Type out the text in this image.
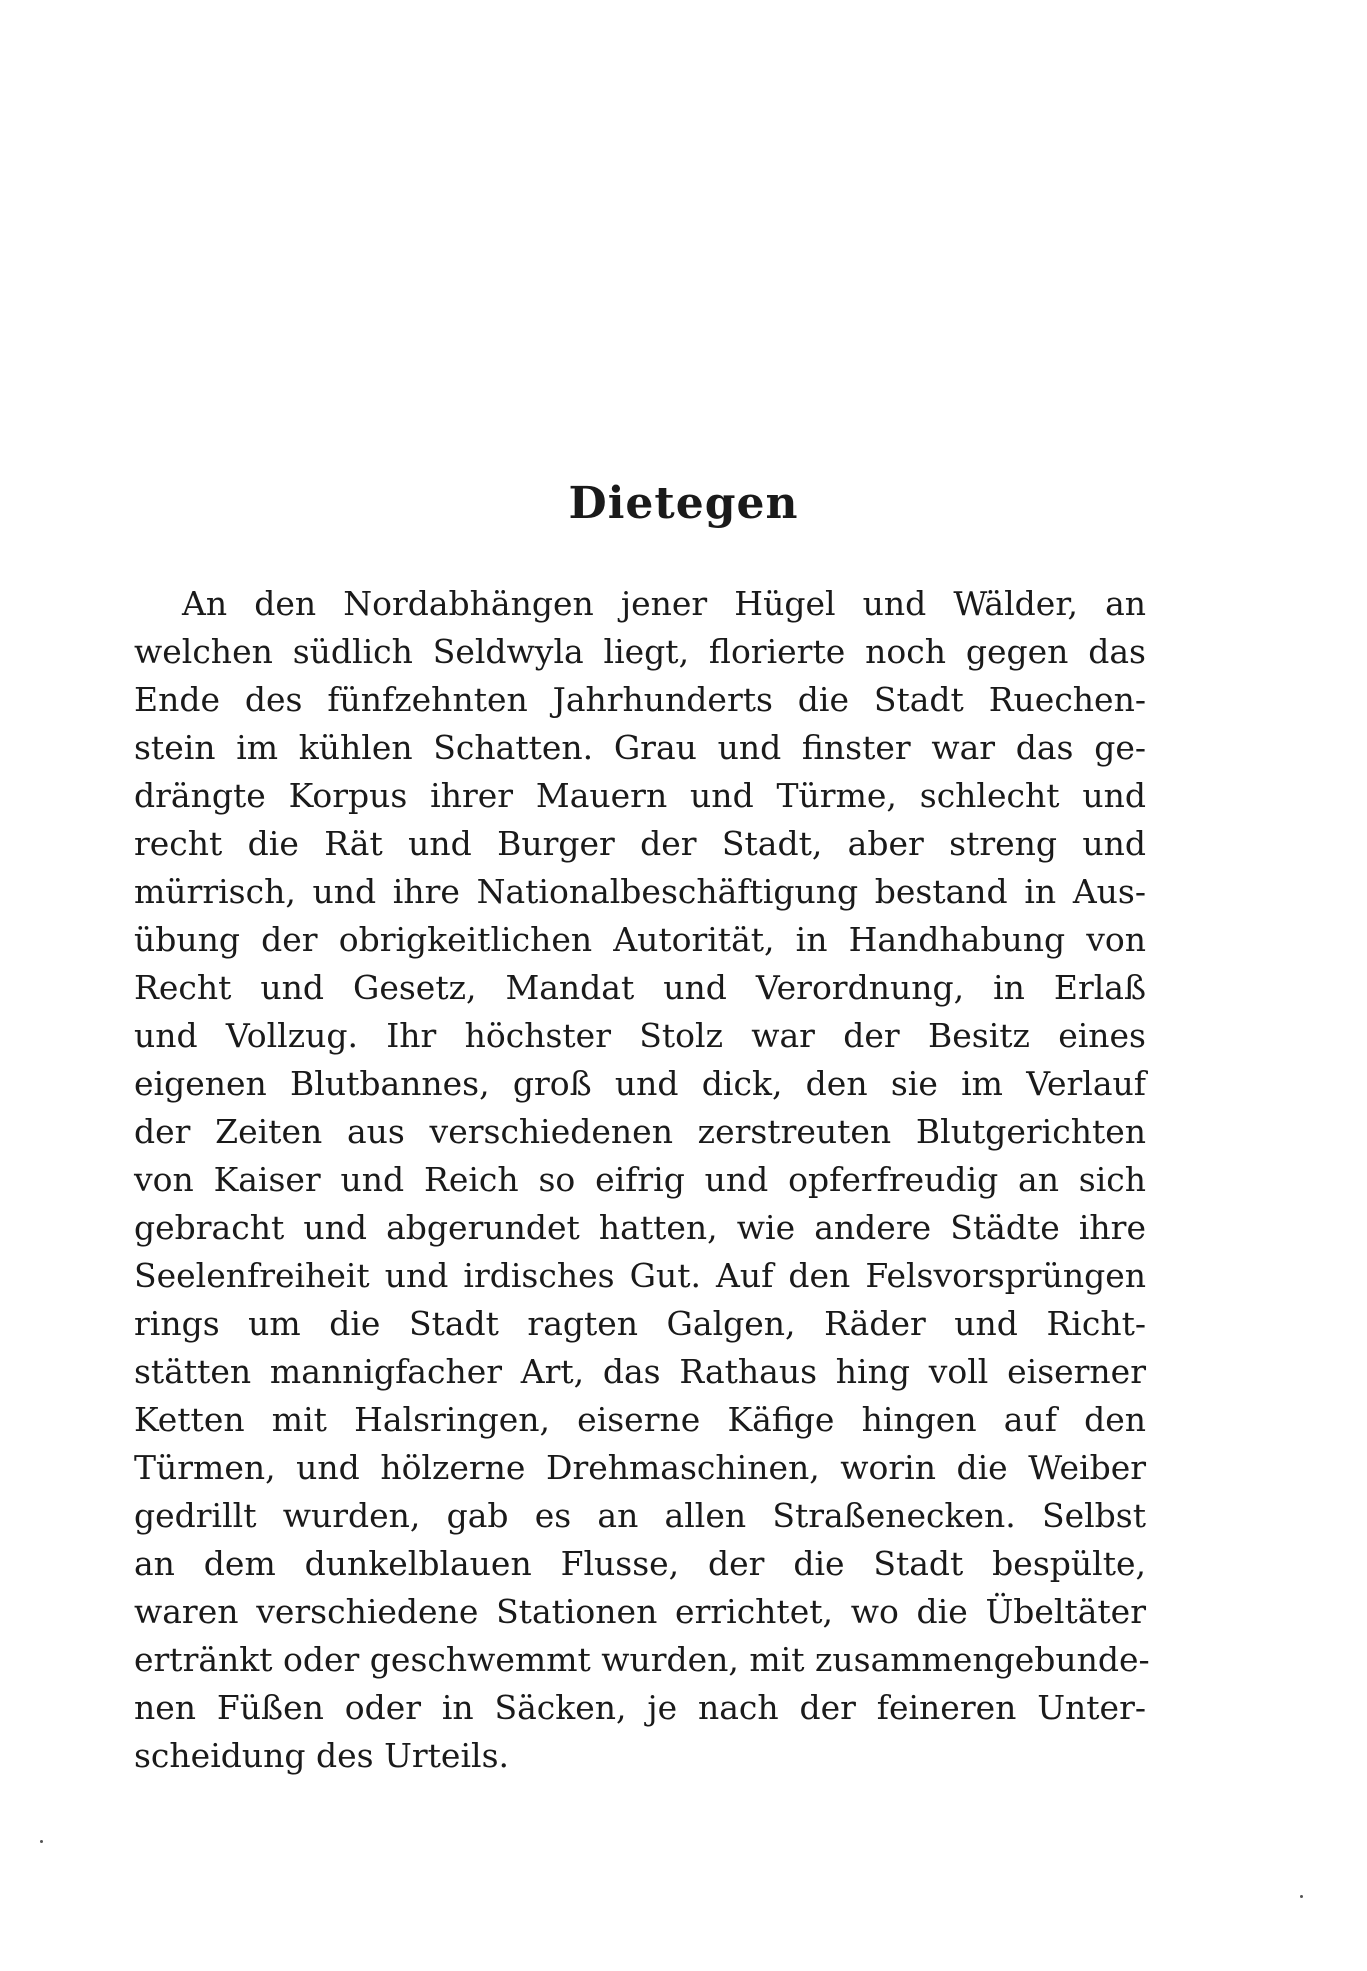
Dietegen
An den Nordabhängen jener Hügel und Wälder, an
welchen südlich Seldwyla liegt, florierte noch gegen das
Ende des fünfzehnten Jahrhunderts die Stadt Ruechen-
stein im kühlen Schatten. Grau und finster war das ge-
drängte Korpus ihrer Mauern und Türme, schlecht und
recht die Rät und Burger der Stadt, aber streng und
mürrisch, und ihre Nationalbeschäftigung bestand in Aus-
übung der obrigkeitlichen Autorität, in Handhabung von
Recht und Gesetz, Mandat und Verordnung, in Erlaß
und Vollzug. Ihr höchster Stolz war der Besitz eines
eigenen Blutbannes, groß und dick, den sie im Verlauf
der Zeiten aus verschiedenen zerstreuten Blutgerichten
von Kaiser und Reich so eifrig und opferfreudig an sich
gebracht und abgerundet hatten, wie andere Städte ihre
Seelenfreiheit und irdisches Gut. Auf den Felsvorsprüngen
rings um die Stadt ragten Galgen, Räder und Richt-
stätten mannigfacher Art, das Rathaus hing voll eiserner
Ketten mit Halsringen, eiserne Käfige hingen auf den
Türmen, und hölzerne Drehmaschinen, worin die Weiber
gedrillt wurden, gab es an allen Straßenecken. Selbst
an dem dunkelblauen Flusse, der die Stadt bespülte,
waren verschiedene Stationen errichtet, wo die Übeltäter
ertränkt oder geschwemmt wurden, mit zusammengebunde-
nen Füßen oder in Säcken, je nach der feineren Unter-
scheidung des Urteils.
